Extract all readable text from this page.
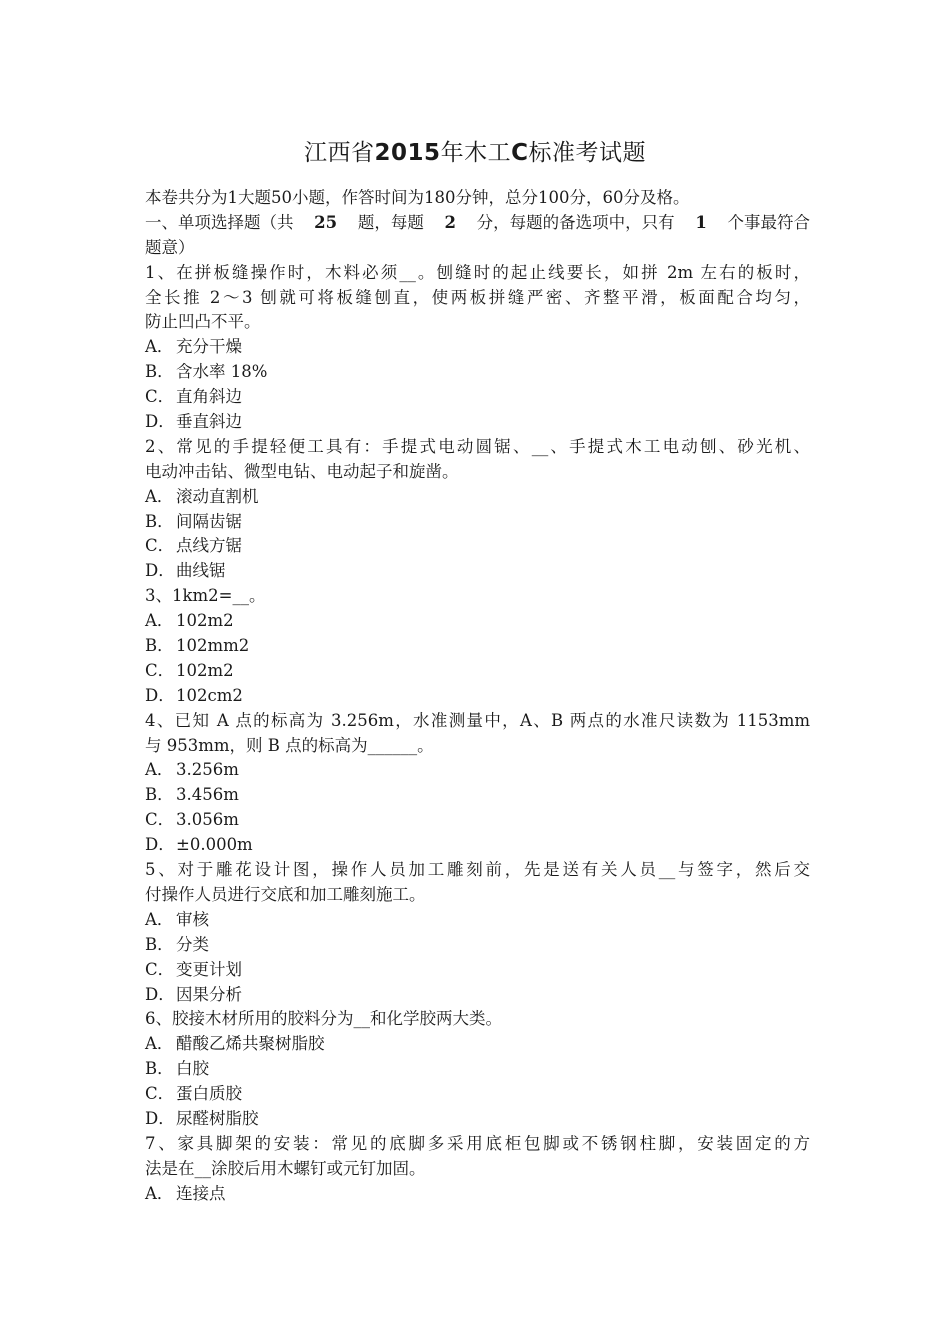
江西省2015年木工C标准考试题
本卷共分为1大题50小题，作答时间为180分钟，总分100分，60分及格。
一、单项选择题（共 25 题，每题 2 分，每题的备选项中，只有 1 个事最符合
题意）
1、在拼板缝操作时，木料必须__。刨缝时的起止线要长，如拼 2m 左右的板时，
全长推 2～3 刨就可将板缝刨直，使两板拼缝严密、齐整平滑，板面配合均匀，
防止凹凸不平。
A． 充分干燥
B． 含水率 18%
C． 直角斜边
D．垂直斜边
2、常见的手提轻便工具有：手提式电动圆锯、__、手提式木工电动刨、砂光机、
电动冲击钻、微型电钻、电动起子和旋凿。
A． 滚动直割机
B． 间隔齿锯
C． 点线方锯
D．曲线锯
3、1km2=__。
A． 102m2
B． 102mm2
C． 102m2
D．102cm2
4、已知 A 点的标高为 3.256m，水准测量中，A、B 两点的水准尺读数为 1153mm
与 953mm，则 B 点的标高为______。
A． 3.256m
B． 3.456m
C． 3.056m
D．±0.000m
5、对于雕花设计图，操作人员加工雕刻前，先是送有关人员__与签字，然后交
付操作人员进行交底和加工雕刻施工。
A． 审核
B． 分类
C． 变更计划
D．因果分析
6、胶接木材所用的胶料分为__和化学胶两大类。
A． 醋酸乙烯共聚树脂胶
B． 白胶
C． 蛋白质胶
D．尿醛树脂胶
7、家具脚架的安装：常见的底脚多采用底柜包脚或不锈钢柱脚，安装固定的方
法是在__涂胶后用木螺钉或元钉加固。
A． 连接点
